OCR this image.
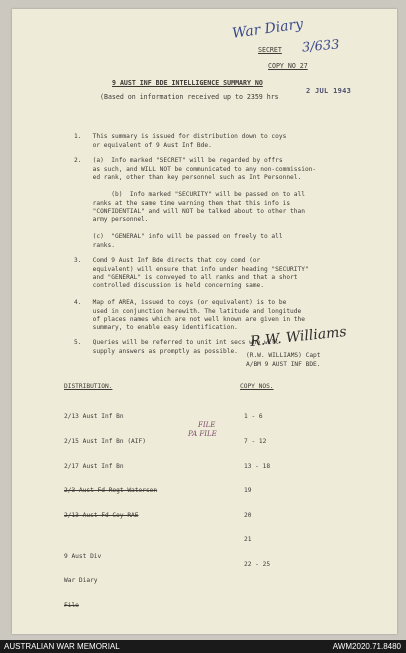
War Diary
3/633
SECRET
COPY NO 27
9 AUST INF BDE INTELLIGENCE SUMMARY NO
(Based on information received up to 2359 hrs
2 JUL 1943

1.   This summary is issued for distribution down to coys
or equivalent of 9 Aust Inf Bde.

2.   (a)  Info marked "SECRET" will be regarded by offrs
as such, and WILL NOT be communicated to any non-commission-
ed rank, other than key personnel such as Int Personnel.

(b)  Info marked "SECURITY" will be passed on to all
ranks at the same time warning them that this info is
"CONFIDENTIAL" and will NOT be talked about to other than
army personnel.

(c)  "GENERAL" info will be passed on freely to all
ranks.

3.   Comd 9 Aust Inf Bde directs that coy comd (or
equivalent) will ensure that info under heading "SECURITY"
and "GENERAL" is conveyed to all ranks and that a short
controlled discussion is held concerning same.

4.   Map of AREA, issued to coys (or equivalent) is to be
used in conjunction herewith. The latitude and longitude
of places names which are not well known are given in the
summary, to enable easy identification.

5.   Queries will be referred to unit int secs who will
supply answers as promptly as possible.

R.W. Williams
(R.W. WILLIAMS) Capt
A/BM 9 AUST INF BDE.
DISTRIBUTION.	COPY NOS.

2/13 Aust Inf Bn

2/15 Aust Inf Bn (AIF)

2/17 Aust Inf Bn

2/3 Aust Fd Regt Waterson

2/13 Aust Fd Coy RAE

9 Aust Div

War Diary

File

1 - 6

7 - 12

13 - 18

19

20

21

22 - 25

FILE
PA FILE
AUSTRALIAN WAR MEMORIAL	AWM2020.71.8480
